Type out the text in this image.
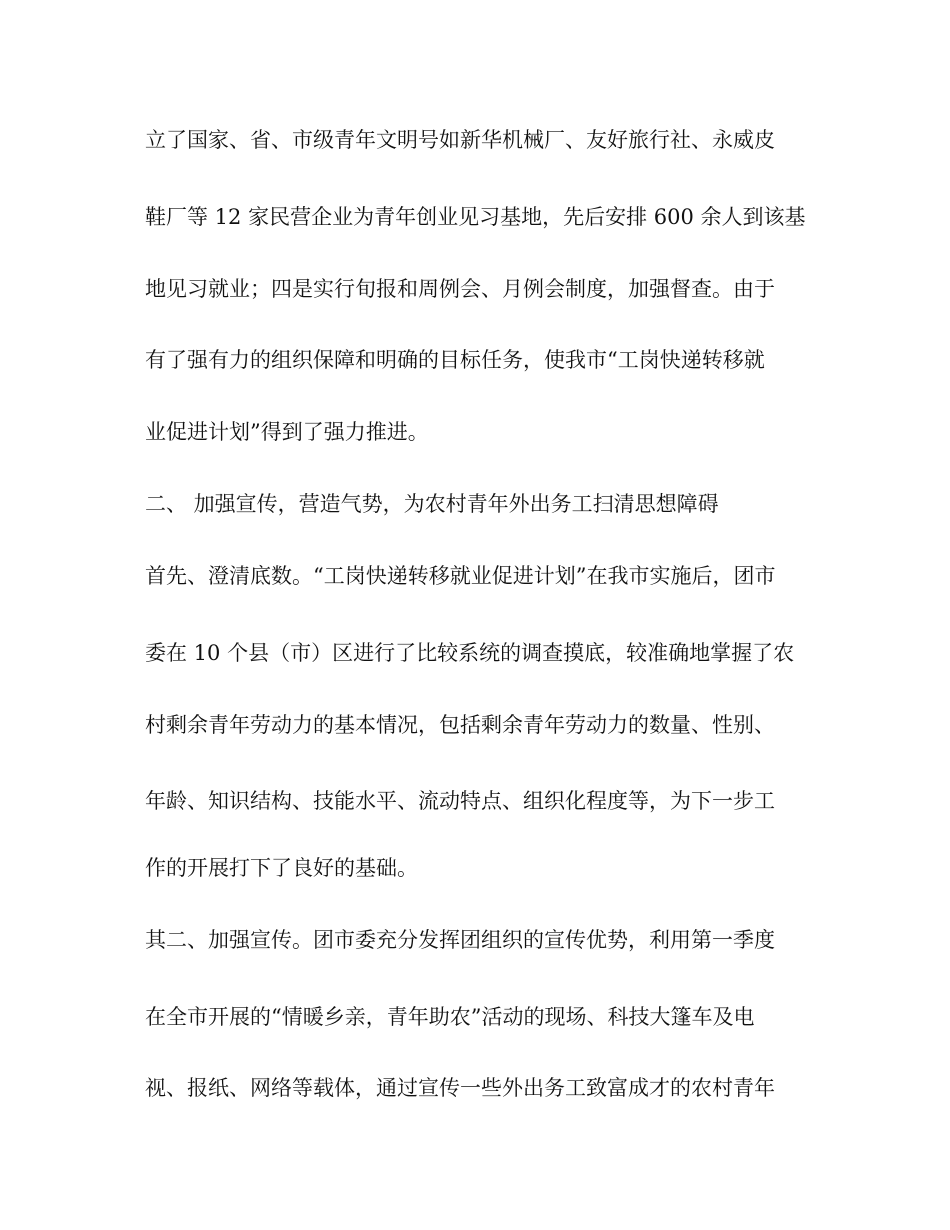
立了国家、省、市级青年文明号如新华机械厂、友好旅行社、永威皮

鞋厂等 12 家民营企业为青年创业见习基地，先后安排 600 余人到该基

地见习就业；四是实行旬报和周例会、月例会制度，加强督查。由于

有了强有力的组织保障和明确的目标任务，使我市“工岗快递转移就

业促进计划”得到了强力推进。

二、 加强宣传，营造气势，为农村青年外出务工扫清思想障碍

首先、澄清底数。“工岗快递转移就业促进计划”在我市实施后，团市

委在 10 个县（市）区进行了比较系统的调查摸底，较准确地掌握了农

村剩余青年劳动力的基本情况，包括剩余青年劳动力的数量、性别、

年龄、知识结构、技能水平、流动特点、组织化程度等，为下一步工

作的开展打下了良好的基础。

其二、加强宣传。团市委充分发挥团组织的宣传优势，利用第一季度

在全市开展的“情暖乡亲，青年助农”活动的现场、科技大篷车及电

视、报纸、网络等载体，通过宣传一些外出务工致富成才的农村青年
